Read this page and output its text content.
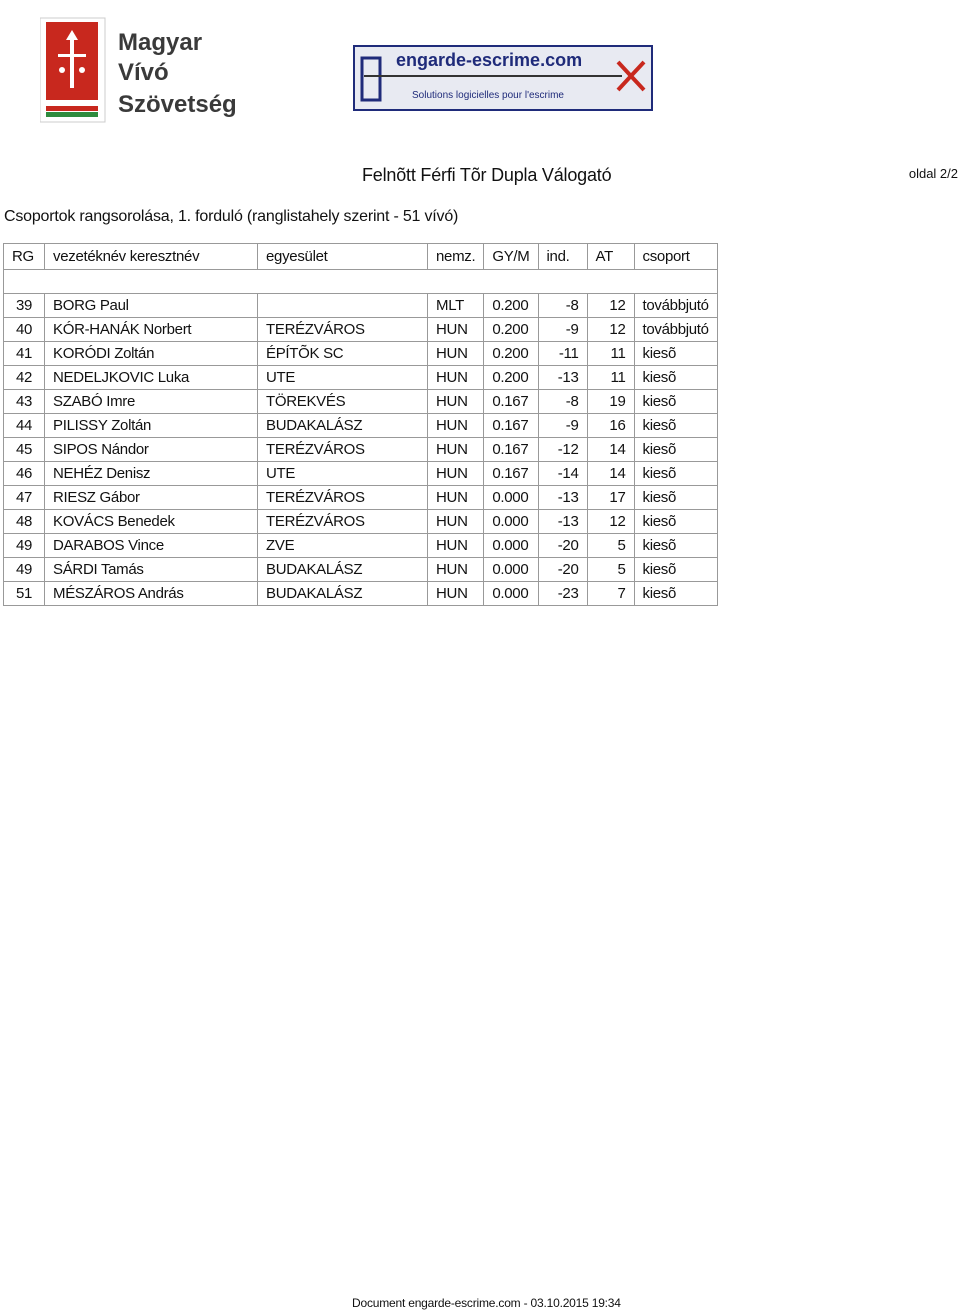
Magyar
Vívó
Szövetség
engarde-escrime.com
Solutions logicielles pour l'escrime
Felnõtt Férfi Tõr Dupla Válogató	oldal 2/2
Csoportok rangsorolása, 1. forduló (ranglistahely szerint - 51 vívó)
RG	vezetéknév keresztnév	egyesület	nemz.	GY/M	ind.	AT	csoport

39	BORG Paul		MLT	0.200	-8	12	továbbjutó
40	KÓR-HANÁK Norbert	TERÉZVÁROS	HUN	0.200	-9	12	továbbjutó
41	KORÓDI Zoltán	ÉPÍTÕK SC	HUN	0.200	-11	11	kiesõ
42	NEDELJKOVIC Luka	UTE	HUN	0.200	-13	11	kiesõ
43	SZABÓ Imre	TÖREKVÉS	HUN	0.167	-8	19	kiesõ
44	PILISSY Zoltán	BUDAKALÁSZ	HUN	0.167	-9	16	kiesõ
45	SIPOS Nándor	TERÉZVÁROS	HUN	0.167	-12	14	kiesõ
46	NEHÉZ Denisz	UTE	HUN	0.167	-14	14	kiesõ
47	RIESZ Gábor	TERÉZVÁROS	HUN	0.000	-13	17	kiesõ
48	KOVÁCS Benedek	TERÉZVÁROS	HUN	0.000	-13	12	kiesõ
49	DARABOS Vince	ZVE	HUN	0.000	-20	5	kiesõ
49	SÁRDI Tamás	BUDAKALÁSZ	HUN	0.000	-20	5	kiesõ
51	MÉSZÁROS András	BUDAKALÁSZ	HUN	0.000	-23	7	kiesõ
Document engarde-escrime.com - 03.10.2015 19:34
